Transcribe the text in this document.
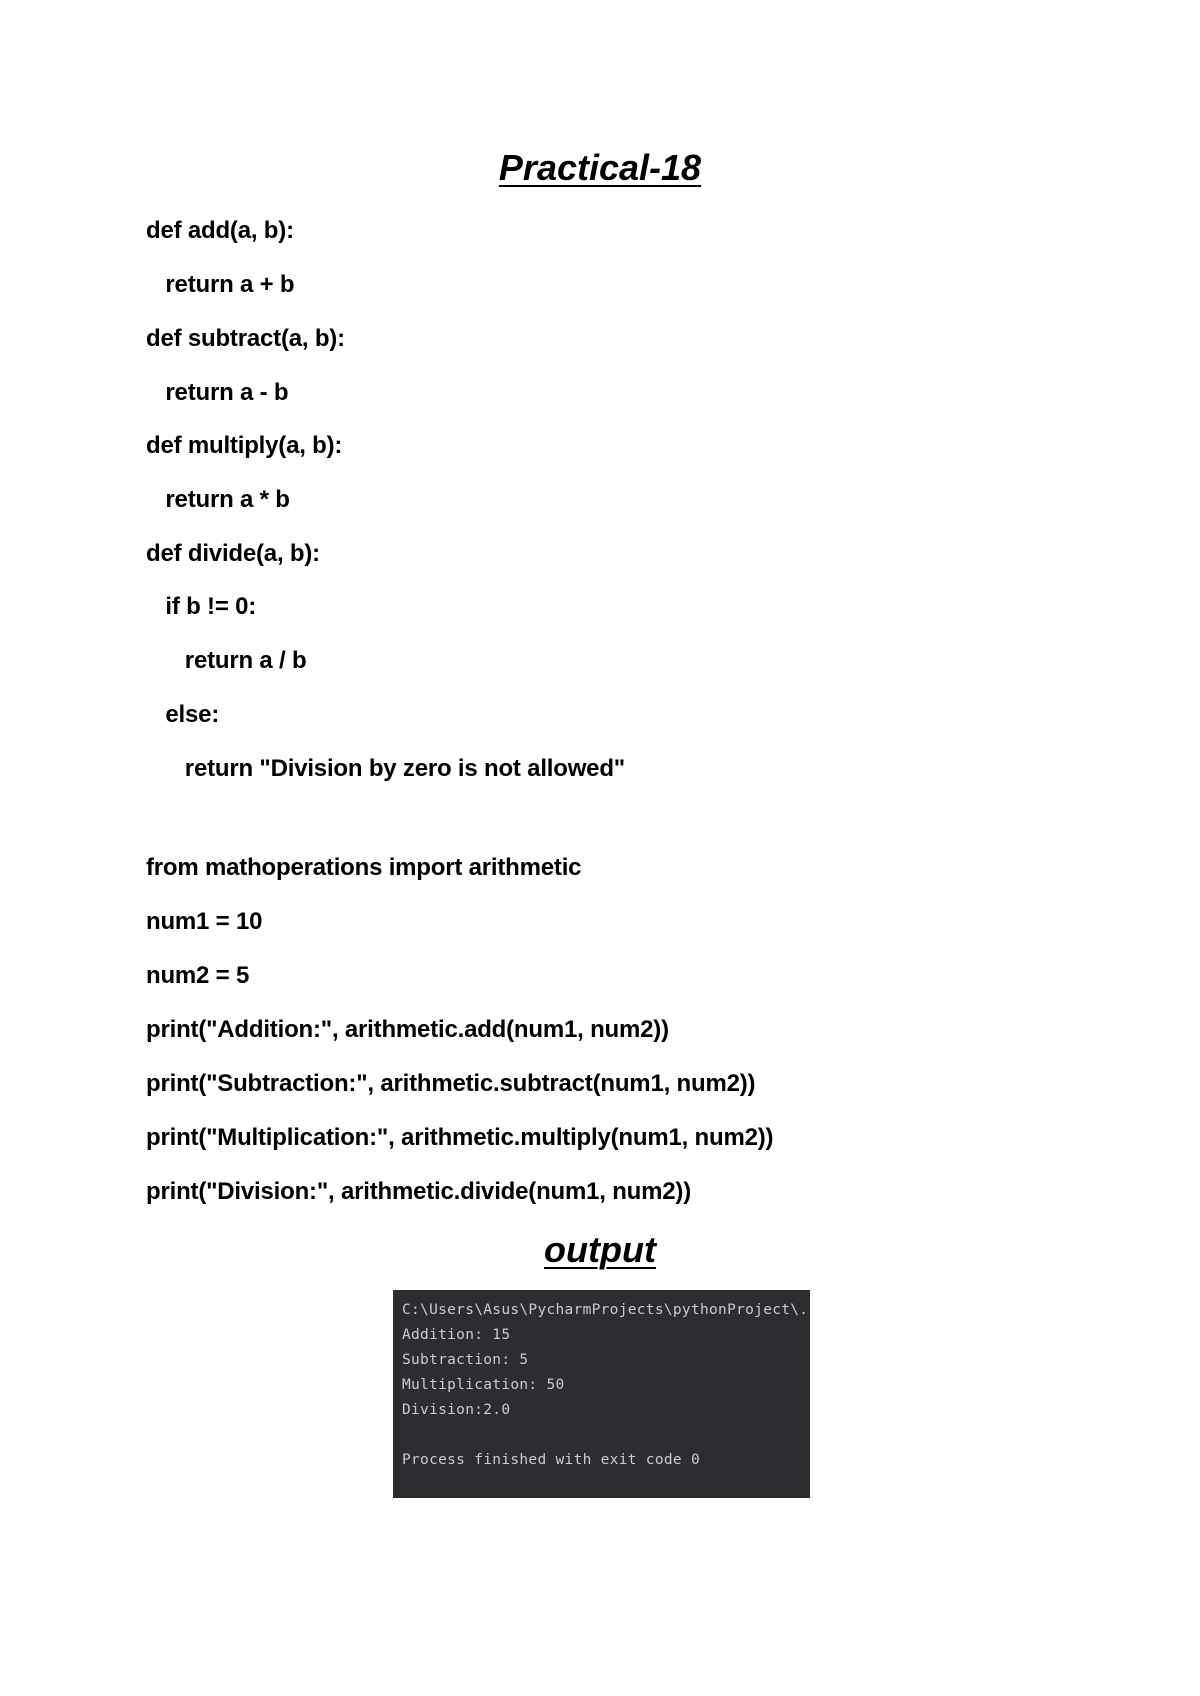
Practical-18
def add(a, b):
return a + b
def subtract(a, b):
return a - b
def multiply(a, b):
return a * b
def divide(a, b):
if b != 0:
return a / b
else:
return "Division by zero is not allowed"
from mathoperations import arithmetic
num1 = 10
num2 = 5
print("Addition:", arithmetic.add(num1, num2))
print("Subtraction:", arithmetic.subtract(num1, num2))
print("Multiplication:", arithmetic.multiply(num1, num2))
print("Division:", arithmetic.divide(num1, num2))
output
C:\Users\Asus\PycharmProjects\pythonProject\.
Addition: 15
Subtraction: 5
Multiplication: 50
Division:2.0
Process finished with exit code 0
